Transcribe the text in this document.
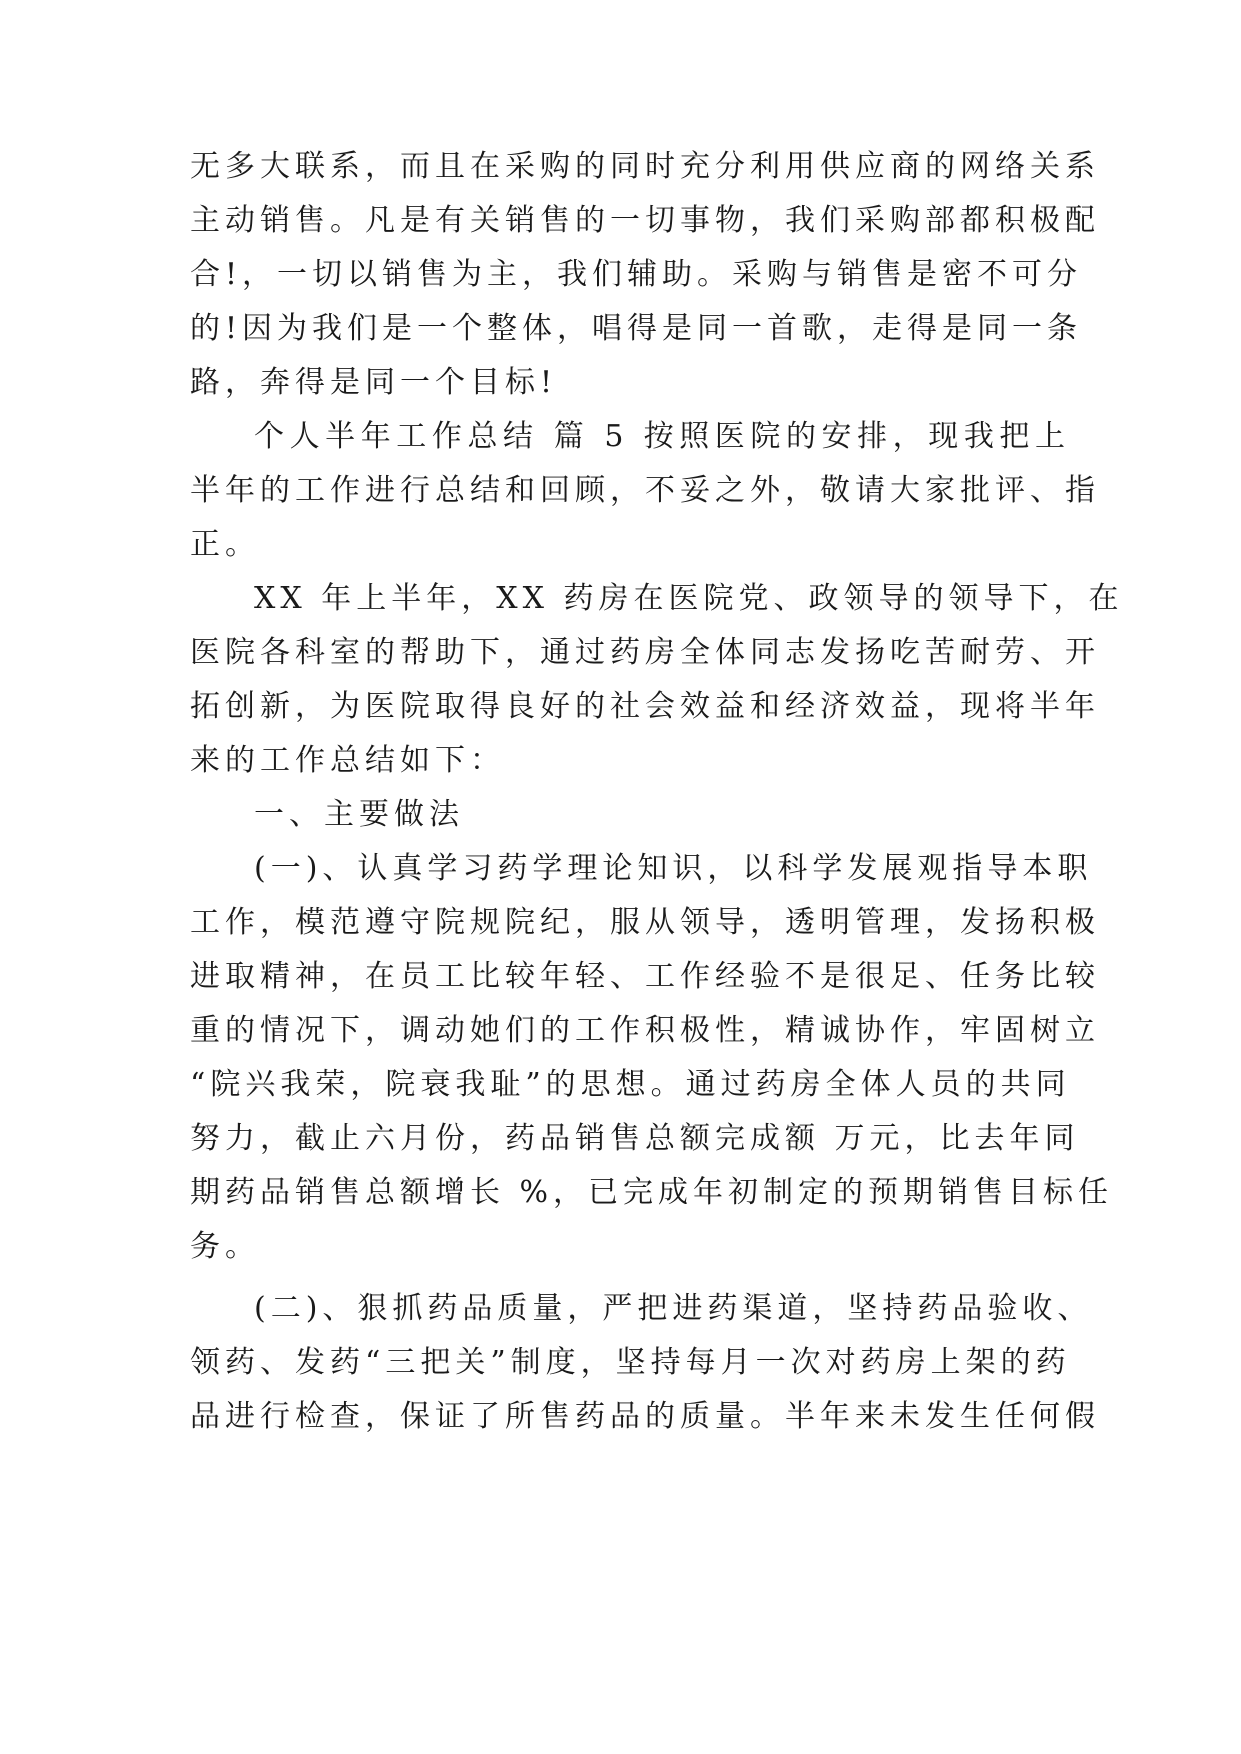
无多大联系，而且在采购的同时充分利用供应商的网络关系
主动销售。凡是有关销售的一切事物，我们采购部都积极配
合!，一切以销售为主，我们辅助。采购与销售是密不可分
的!因为我们是一个整体，唱得是同一首歌，走得是同一条
路，奔得是同一个目标!
个人半年工作总结 篇 5 按照医院的安排，现我把上
半年的工作进行总结和回顾，不妥之外，敬请大家批评、指
正。
XX 年上半年，XX 药房在医院党、政领导的领导下，在
医院各科室的帮助下，通过药房全体同志发扬吃苦耐劳、开
拓创新，为医院取得良好的社会效益和经济效益，现将半年
来的工作总结如下：
一、主要做法
(一)、认真学习药学理论知识，以科学发展观指导本职
工作，模范遵守院规院纪，服从领导，透明管理，发扬积极
进取精神，在员工比较年轻、工作经验不是很足、任务比较
重的情况下，调动她们的工作积极性，精诚协作，牢固树立
“院兴我荣，院衰我耻”的思想。通过药房全体人员的共同
努力，截止六月份，药品销售总额完成额 万元，比去年同
期药品销售总额增长 %，已完成年初制定的预期销售目标任
务。
(二)、狠抓药品质量，严把进药渠道，坚持药品验收、
领药、发药“三把关”制度，坚持每月一次对药房上架的药
品进行检查，保证了所售药品的质量。半年来未发生任何假
